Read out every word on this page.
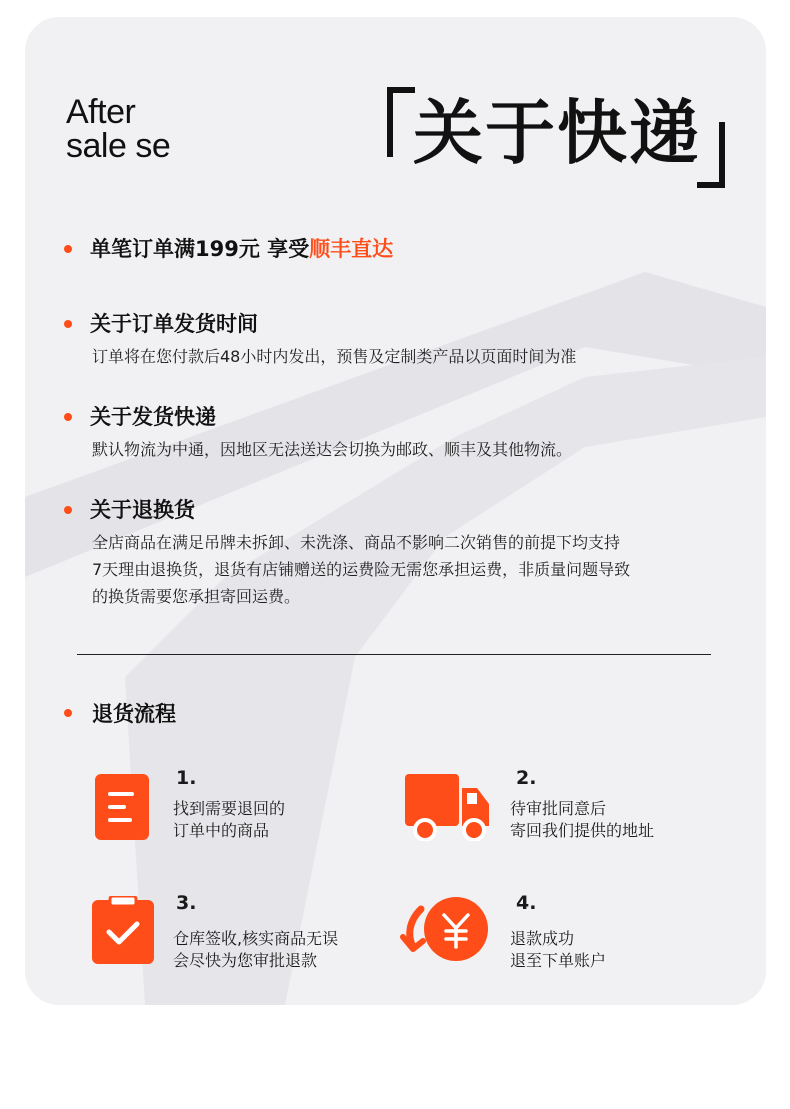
After
sale se	关于快递
单笔订单满199元 享受顺丰直达
关于订单发货时间
订单将在您付款后48小时内发出，预售及定制类产品以页面时间为准
关于发货快递
默认物流为中通，因地区无法送达会切换为邮政、顺丰及其他物流。
关于退换货
全店商品在满足吊牌未拆卸、未洗涤、商品不影响二次销售的前提下均支持
7天理由退换货，退货有店铺赠送的运费险无需您承担运费，非质量问题导致
的换货需要您承担寄回运费。
退货流程
1.
找到需要退回的
订单中的商品
2.
待审批同意后
寄回我们提供的地址
3.
仓库签收,核实商品无误
会尽快为您审批退款
4.
退款成功
退至下单账户
